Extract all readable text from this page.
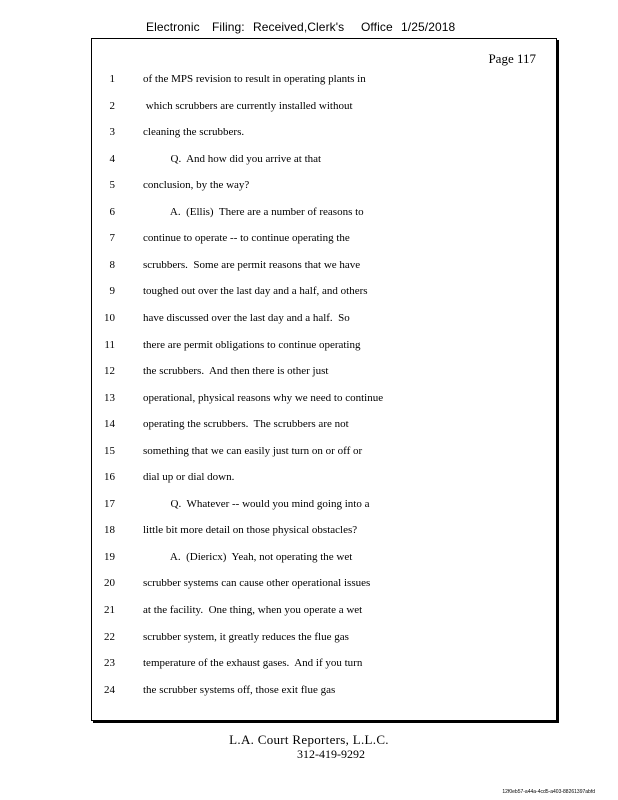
Electronic Filing: Received,Clerk's Office 1/25/2018
Page 117
1	of the MPS revision to result in operating plants in
2	which scrubbers are currently installed without
3	cleaning the scrubbers.
4	Q.  And how did you arrive at that
5	conclusion, by the way?
6	A.  (Ellis)  There are a number of reasons to
7	continue to operate -- to continue operating the
8	scrubbers.  Some are permit reasons that we have
9	toughed out over the last day and a half, and others
10	have discussed over the last day and a half.  So
11	there are permit obligations to continue operating
12	the scrubbers.  And then there is other just
13	operational, physical reasons why we need to continue
14	operating the scrubbers.  The scrubbers are not
15	something that we can easily just turn on or off or
16	dial up or dial down.
17	Q.  Whatever -- would you mind going into a
18	little bit more detail on those physical obstacles?
19	A.  (Diericx)  Yeah, not operating the wet
20	scrubber systems can cause other operational issues
21	at the facility.  One thing, when you operate a wet
22	scrubber system, it greatly reduces the flue gas
23	temperature of the exhaust gases.  And if you turn
24	the scrubber systems off, those exit flue gas
L.A. Court Reporters, L.L.C.
312-419-9292
12f0eb57-a44a-4cd5-a403-88261397abfd
